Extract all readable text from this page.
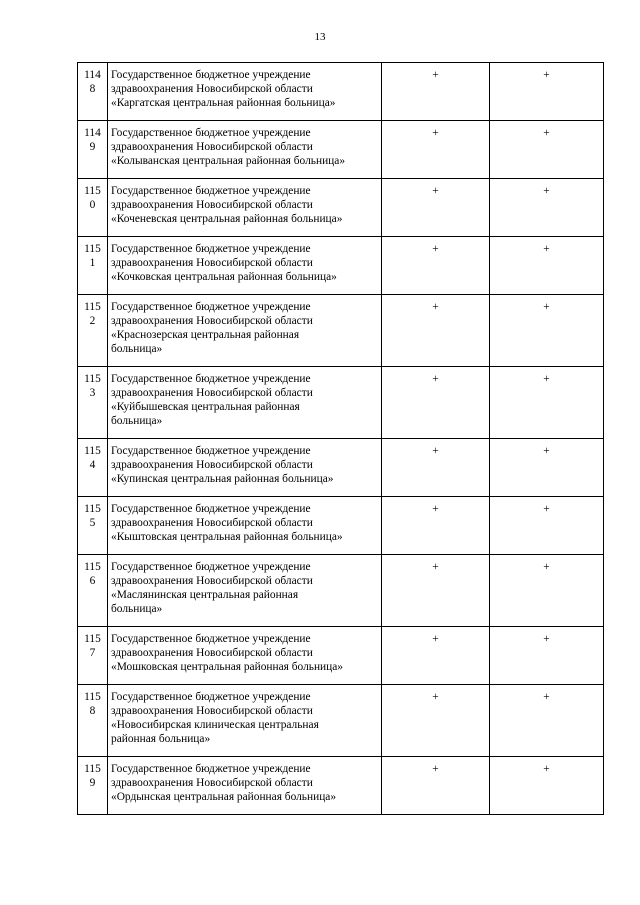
13
114
8	Государственное бюджетное учреждение
здравоохранения Новосибирской области
«Каргатская центральная районная больница»	+	+

114
9	Государственное бюджетное учреждение
здравоохранения Новосибирской области
«Колыванская центральная районная больница»	+	+

115
0	Государственное бюджетное учреждение
здравоохранения Новосибирской области
«Коченевская центральная районная больница»	+	+

115
1	Государственное бюджетное учреждение
здравоохранения Новосибирской области
«Кочковская центральная районная больница»	+	+

115
2	Государственное бюджетное учреждение
здравоохранения Новосибирской области
«Краснозерская центральная районная
больница»	+	+

115
3	Государственное бюджетное учреждение
здравоохранения Новосибирской области
«Куйбышевская центральная районная
больница»	+	+

115
4	Государственное бюджетное учреждение
здравоохранения Новосибирской области
«Купинская центральная районная больница»	+	+

115
5	Государственное бюджетное учреждение
здравоохранения Новосибирской области
«Кыштовская центральная районная больница»	+	+

115
6	Государственное бюджетное учреждение
здравоохранения Новосибирской области
«Маслянинская центральная районная
больница»	+	+

115
7	Государственное бюджетное учреждение
здравоохранения Новосибирской области
«Мошковская центральная районная больница»	+	+

115
8	Государственное бюджетное учреждение
здравоохранения Новосибирской области
«Новосибирская клиническая центральная
районная больница»	+	+

115
9	Государственное бюджетное учреждение
здравоохранения Новосибирской области
«Ордынская центральная районная больница»	+	+
